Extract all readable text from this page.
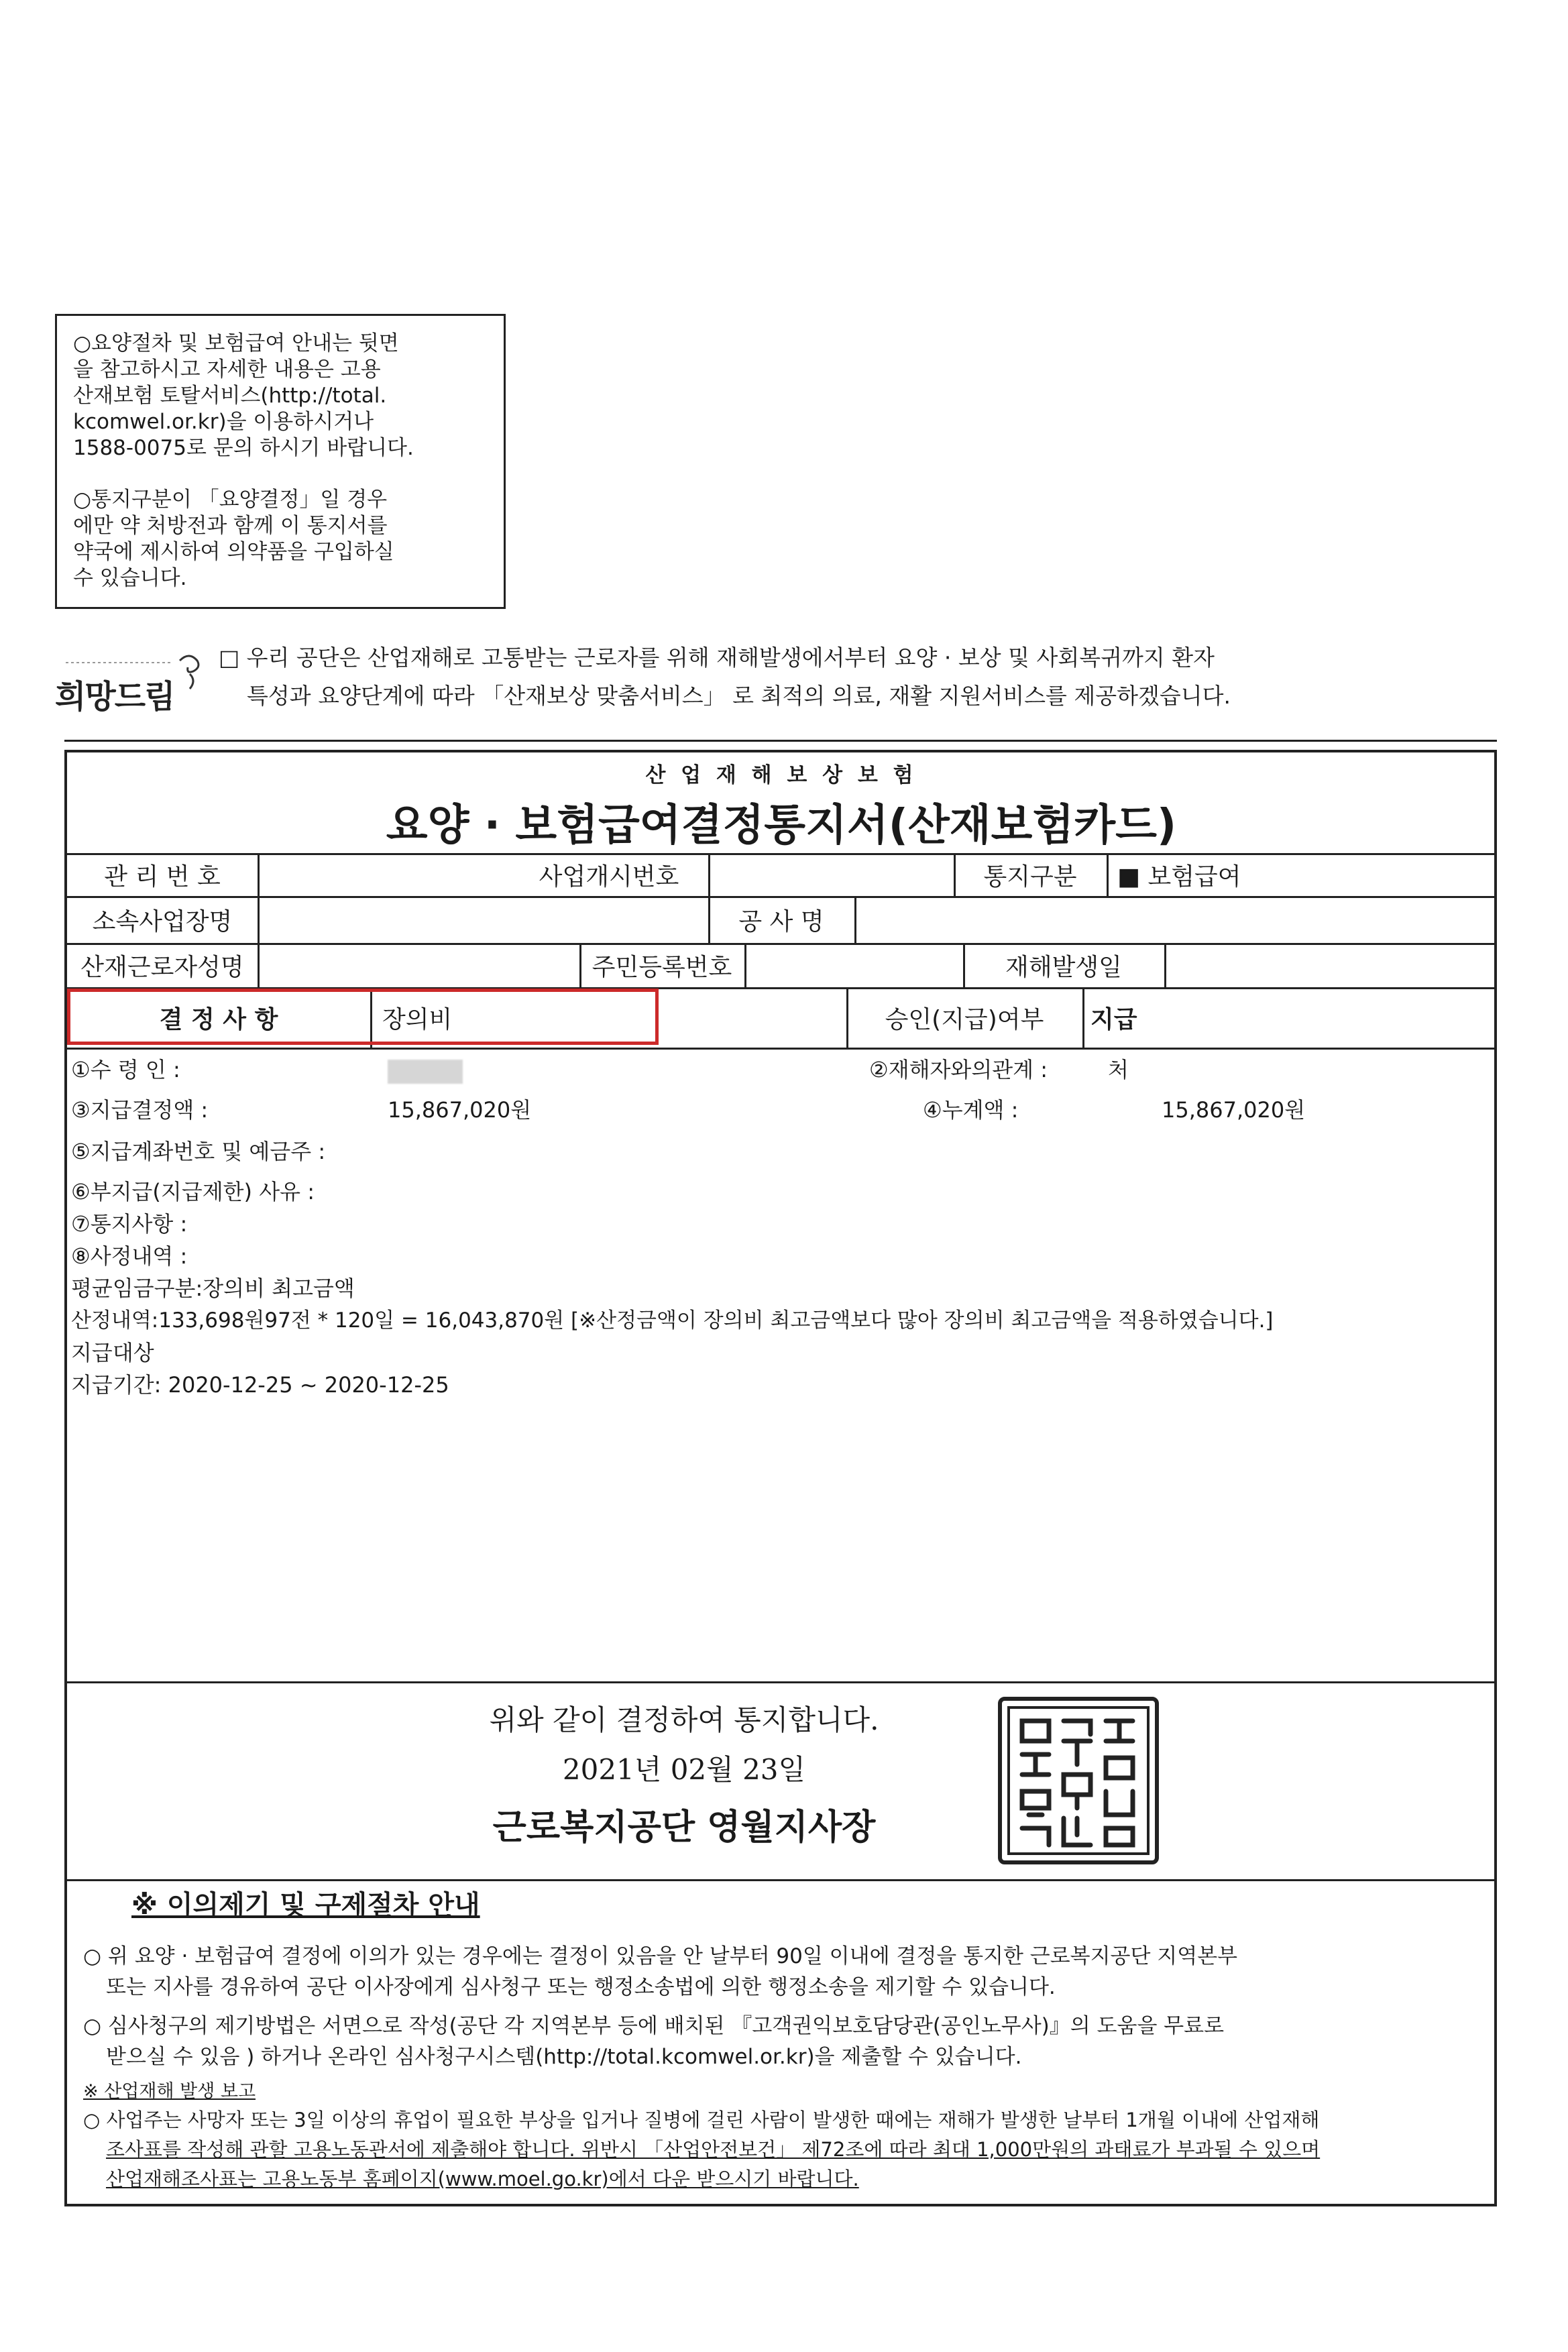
○요양절차 및 보험급여 안내는 뒷면
을 참고하시고 자세한 내용은 고용
산재보험 토탈서비스(http://total.
kcomwel.or.kr)을 이용하시거나
1588-0075로 문의 하시기 바랍니다.

○통지구분이 「요양결정」일 경우
에만 약 처방전과 함께 이 통지서를
약국에 제시하여 의약품을 구입하실
수 있습니다.

희망드림
□ 우리 공단은 산업재해로 고통받는 근로자를 위해 재해발생에서부터 요양 · 보상 및 사회복귀까지 환자
특성과 요양단계에 따라 「산재보상 맞춤서비스」 로 최적의 의료, 재활 지원서비스를 제공하겠습니다.
산 업 재 해 보 상 보 험
요양 · 보험급여결정통지서(산재보험카드)
관 리 번 호	사업개시번호	통지구분	■ 보험급여
소속사업장명	공 사 명
산재근로자성명	주민등록번호	재해발생일
결 정 사 항	장의비	승인(지급)여부	지급
①수 령 인 :	②재해자와의관계 :	처
③지급결정액 :	15,867,020원	④누계액 :	15,867,020원
⑤지급계좌번호 및 예금주 :
⑥부지급(지급제한) 사유 :
⑦통지사항 :
⑧사정내역 :
평균임금구분:장의비 최고금액
산정내역:133,698원97전 * 120일 = 16,043,870원 [※산정금액이 장의비 최고금액보다 많아 장의비 최고금액을 적용하였습니다.]
지급대상
지급기간: 2020-12-25 ~ 2020-12-25
위와 같이 결정하여 통지합니다.
2021년 02월 23일
근로복지공단 영월지사장
※ 이의제기 및 구제절차 안내
○ 위 요양 · 보험급여 결정에 이의가 있는 경우에는 결정이 있음을 안 날부터 90일 이내에 결정을 통지한 근로복지공단 지역본부
또는 지사를 경유하여 공단 이사장에게 심사청구 또는 행정소송법에 의한 행정소송을 제기할 수 있습니다.
○ 심사청구의 제기방법은 서면으로 작성(공단 각 지역본부 등에 배치된 『고객권익보호담당관(공인노무사)』의 도움을 무료로
받으실 수 있음 ) 하거나 온라인 심사청구시스템(http://total.kcomwel.or.kr)을 제출할 수 있습니다.
※ 산업재해 발생 보고
○ 사업주는 사망자 또는 3일 이상의 휴업이 필요한 부상을 입거나 질병에 걸린 사람이 발생한 때에는 재해가 발생한 날부터 1개월 이내에 산업재해
조사표를 작성해 관할 고용노동관서에 제출해야 합니다. 위반시 「산업안전보건」 제72조에 따라 최대 1,000만원의 과태료가 부과될 수 있으며
산업재해조사표는 고용노동부 홈페이지(www.moel.go.kr)에서 다운 받으시기 바랍니다.
